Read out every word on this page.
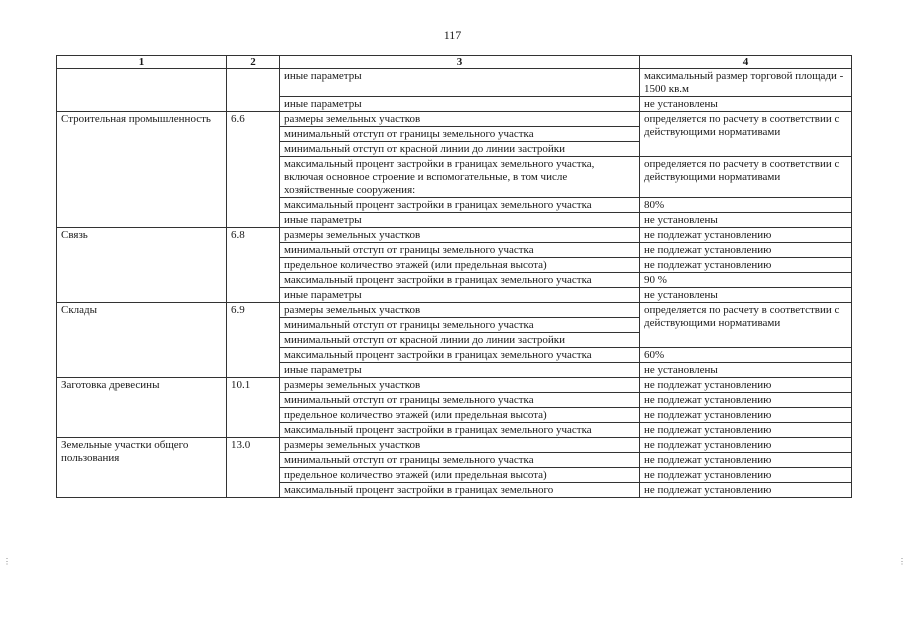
117
1	2	3	4
		иные параметры	максимальный размер торговой площади - 1500 кв.м
		иные параметры	не установлены
Строительная промышленность	6.6	размеры земельных участков	определяется по расчету в соответствии с действующими нормативами
		минимальный отступ от границы земельного участка	
		минимальный отступ от красной линии до линии застройки	
		максимальный процент застройки в границах земельного участка, включая основное строение и вспомогательные, в том числе хозяйственные сооружения:	определяется по расчету в соответствии с действующими нормативами
		максимальный процент застройки в границах земельного участка	80%
		иные параметры	не установлены
Связь	6.8	размеры земельных участков	не подлежат установлению
		минимальный отступ от границы земельного участка	не подлежат установлению
		предельное количество этажей (или предельная высота)	не подлежат установлению
		максимальный процент застройки в границах земельного участка	90 %
		иные параметры	не установлены
Склады	6.9	размеры земельных участков	определяется по расчету в соответствии с действующими нормативами
		минимальный отступ от границы земельного участка	
		минимальный отступ от красной линии до линии застройки	
		максимальный процент застройки в границах земельного участка	60%
		иные параметры	не установлены
Заготовка древесины	10.1	размеры земельных участков	не подлежат установлению
		минимальный отступ от границы земельного участка	не подлежат установлению
		предельное количество этажей (или предельная высота)	не подлежат установлению
		максимальный процент застройки в границах земельного участка	не подлежат установлению
Земельные участки общего пользования	13.0	размеры земельных участков	не подлежат установлению
		минимальный отступ от границы земельного участка	не подлежат установлению
		предельное количество этажей (или предельная высота)	не подлежат установлению
		максимальный процент застройки в границах земельного	не подлежат установлению
⋮	⋮
